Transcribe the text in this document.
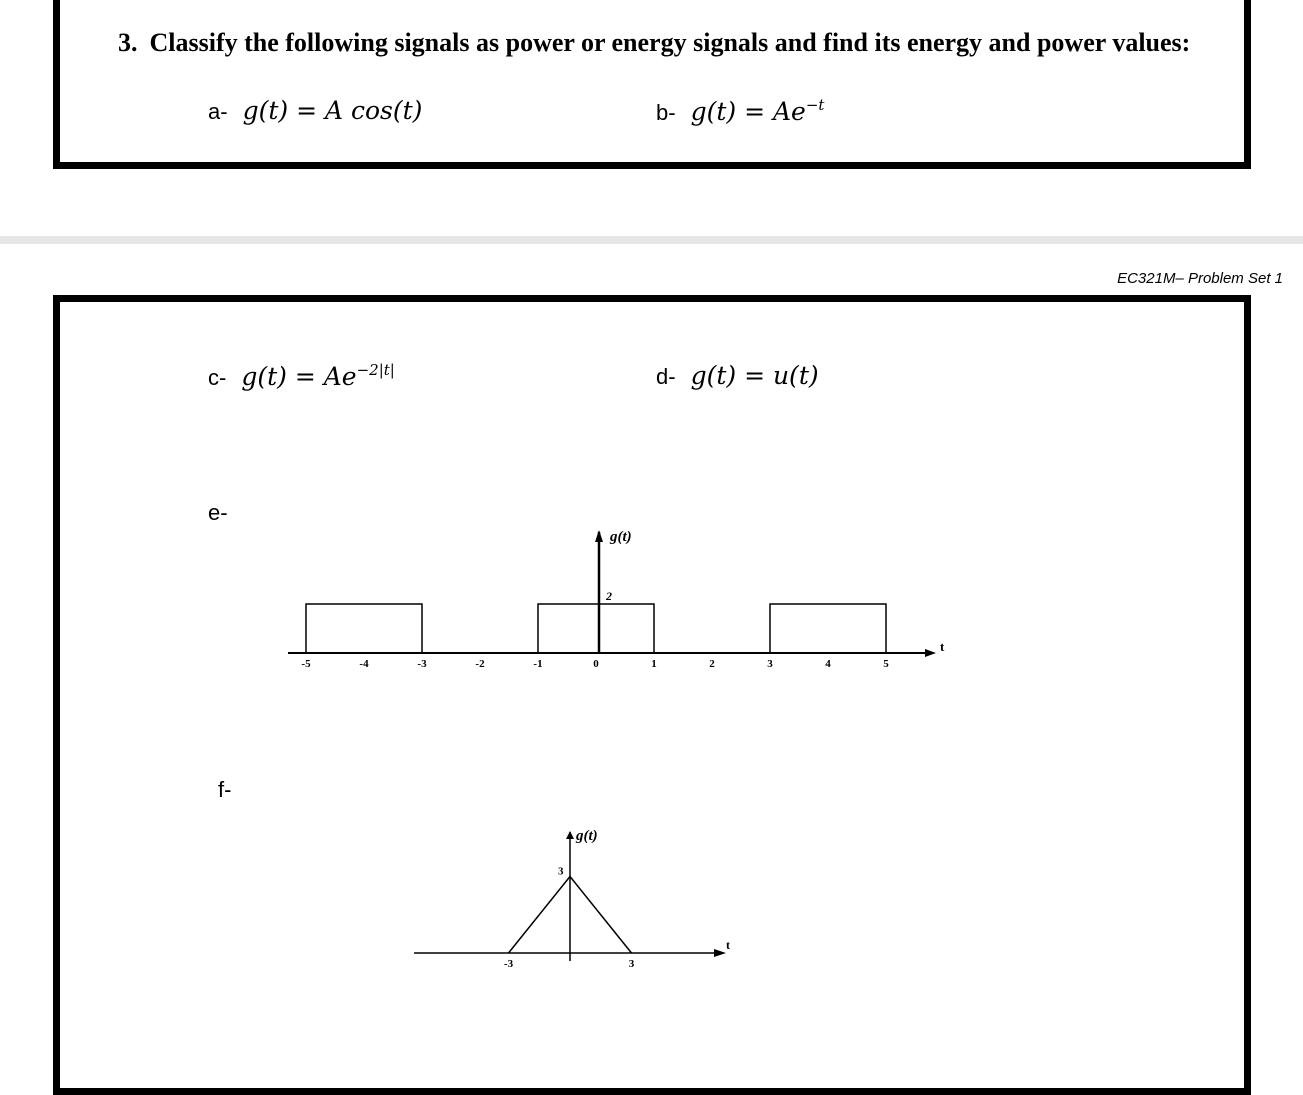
3. Classify the following signals as power or energy signals and find its energy and power values:
a- g(t) = A cos(t)	b- $g(t) = Ae^{-t}$
EC321M– Problem Set 1
c- $g(t) = Ae^{-2|t|}$	d- g(t) = u(t)
e-
f-
t
g(t)
2
-5	-4	-3	-2	-1	0	1	2	3	4	5
t
g(t)
3
-3	3
